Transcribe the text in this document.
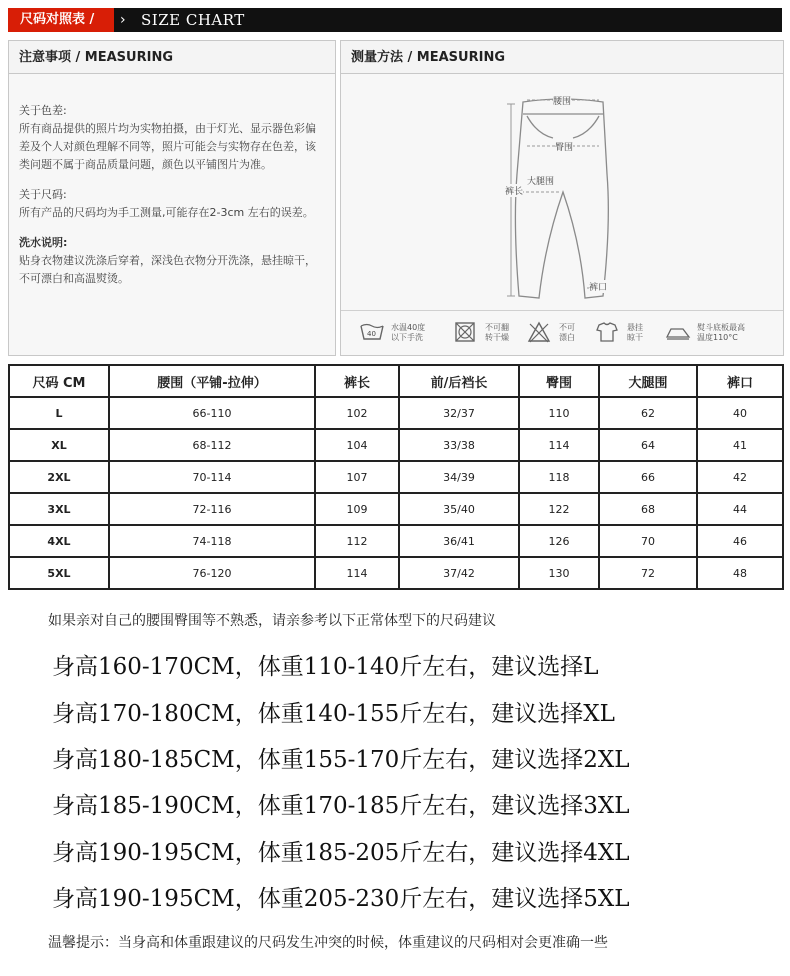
尺码对照表 /	› SIZE CHART
注意事项 / MEASURING
关于色差:
所有商品提供的照片均为实物拍摄，由于灯光、显示器色彩偏差及个人对颜色理解不同等，照片可能会与实物存在色差，该类问题不属于商品质量问题，颜色以平铺图片为准。
关于尺码:
所有产品的尺码均为手工测量,可能存在2-3cm 左右的误差。
洗水说明:
贴身衣物建议洗涤后穿着，深浅色衣物分开洗涤，悬挂晾干，不可漂白和高温熨烫。
测量方法 / MEASURING
腰围
臀围
裤长
大腿围
裤口
40
水温40度
以下手洗
不可翻
转干燥
不可
漂白
悬挂
晾干
熨斗底板最高
温度110°C
尺码 CM	腰围（平铺-拉伸）	裤长	前/后裆长	臀围	大腿围	裤口
L	66-110	102	32/37	110	62	40
XL	68-112	104	33/38	114	64	41
2XL	70-114	107	34/39	118	66	42
3XL	72-116	109	35/40	122	68	44
4XL	74-118	112	36/41	126	70	46
5XL	76-120	114	37/42	130	72	48
如果亲对自己的腰围臀围等不熟悉，请亲参考以下正常体型下的尺码建议
身高160-170CM，体重110-140斤左右，建议选择L
身高170-180CM，体重140-155斤左右，建议选择XL
身高180-185CM，体重155-170斤左右，建议选择2XL
身高185-190CM，体重170-185斤左右，建议选择3XL
身高190-195CM，体重185-205斤左右，建议选择4XL
身高190-195CM，体重205-230斤左右，建议选择5XL
温馨提示：当身高和体重跟建议的尺码发生冲突的时候，体重建议的尺码相对会更准确一些
